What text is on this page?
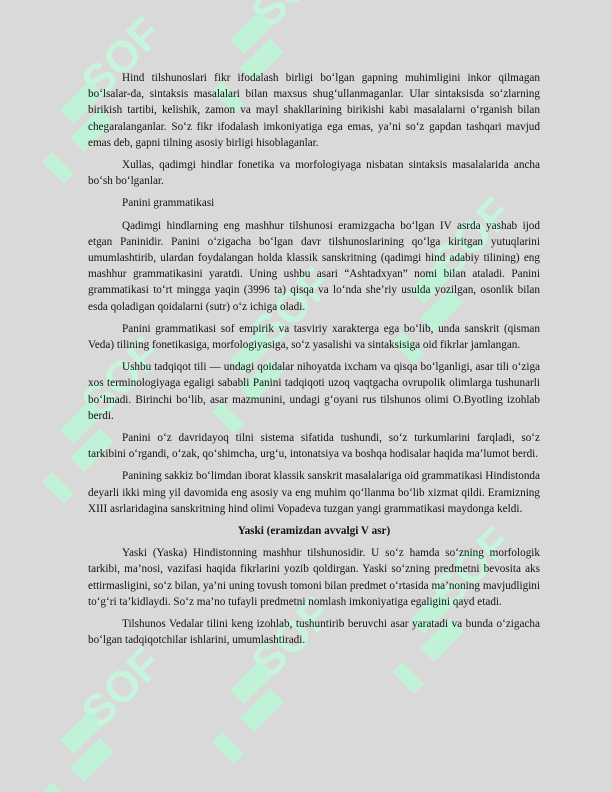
Hind tilshunoslari fikr ifodalash birligi bo‘lgan gapning muhimligini inkor qilmagan bo‘lsalar-da, sintaksis masalalari bilan maxsus shug‘ullanmaganlar. Ular sintaksisda so‘zlarning birikish tartibi, kelishik, zamon va mayl shakllarining birikishi kabi masalalarni o‘rganish bilan chegaralanganlar. So‘z fikr ifodalash imkoniyatiga ega emas, ya’ni so‘z gapdan tashqari mavjud emas deb, gapni tilning asosiy birligi hisoblaganlar.

Xullas, qadimgi hindlar fonetika va morfologiyaga nisbatan sintaksis masalalarida ancha bo‘sh bo‘lganlar.

Panini grammatikasi

Qadimgi hindlarning eng mashhur tilshunosi eramizgacha bo‘lgan IV asrda yashab ijod etgan Paninidir. Panini o‘zigacha bo‘lgan davr tilshunoslarining qo‘lga kiritgan yutuqlarini umumlashtirib, ulardan foydalangan holda klassik sanskritning (qadimgi hind adabiy tilining) eng mashhur grammatikasini yaratdi. Uning ushbu asari “Ashtadxyan” nomi bilan ataladi. Panini grammatikasi to‘rt mingga yaqin (3996 ta) qisqa va lo‘nda she’riy usulda yozilgan, osonlik bilan esda qoladigan qoidalarni (sutr) o‘z ichiga oladi.

Panini grammatikasi sof empirik va tasviriy xarakterga ega bo‘lib, unda sanskrit (qisman Veda) tilining fonetikasiga, morfologiyasiga, so‘z yasalishi va sintaksisiga oid fikrlar jamlangan.

Ushbu tadqiqot tili — undagi qoidalar nihoyatda ixcham va qisqa bo‘lganligi, asar tili o‘ziga xos terminologiyaga egaligi sababli Panini tadqiqoti uzoq vaqtgacha ovrupolik olimlarga tushunarli bo‘lmadi. Birinchi bo‘lib, asar mazmunini, undagi g‘oyani rus tilshunos olimi O.Byotling izohlab berdi.

Panini o‘z davridayoq tilni sistema sifatida tushundi, so‘z turkumlarini farqladi, so‘z tarkibini o‘rgandi, o‘zak, qo‘shimcha, urg‘u, intonatsiya va boshqa hodisalar haqida ma’lumot berdi.

Panining sakkiz bo‘limdan iborat klassik sanskrit masalalariga oid grammatikasi Hindistonda deyarli ikki ming yil davomida eng asosiy va eng muhim qo‘llanma bo‘lib xizmat qildi. Eramizning XIII asrlaridagina sanskritning hind olimi Vopadeva tuzgan yangi grammatikasi maydonga keldi.

Yaski (eramizdan avvalgi V asr)

Yaski (Yaska) Hindistonning mashhur tilshunosidir. U so‘z hamda so‘zning morfologik tarkibi, ma’nosi, vazifasi haqida fikrlarini yozib qoldirgan. Yaski so‘zning predmetni bevosita aks ettirmasligini, so‘z bilan, ya’ni uning tovush tomoni bilan predmet o‘rtasida ma’noning mavjudligini to‘g‘ri ta’kidlaydi. So‘z ma’no tufayli predmetni nomlash imkoniyatiga egaligini qayd etadi.

Tilshunos Vedalar tilini keng izohlab, tushuntirib beruvchi asar yaratadi va bunda o‘zigacha bo‘lgan tadqiqotchilar ishlarini, umumlashtiradi.
